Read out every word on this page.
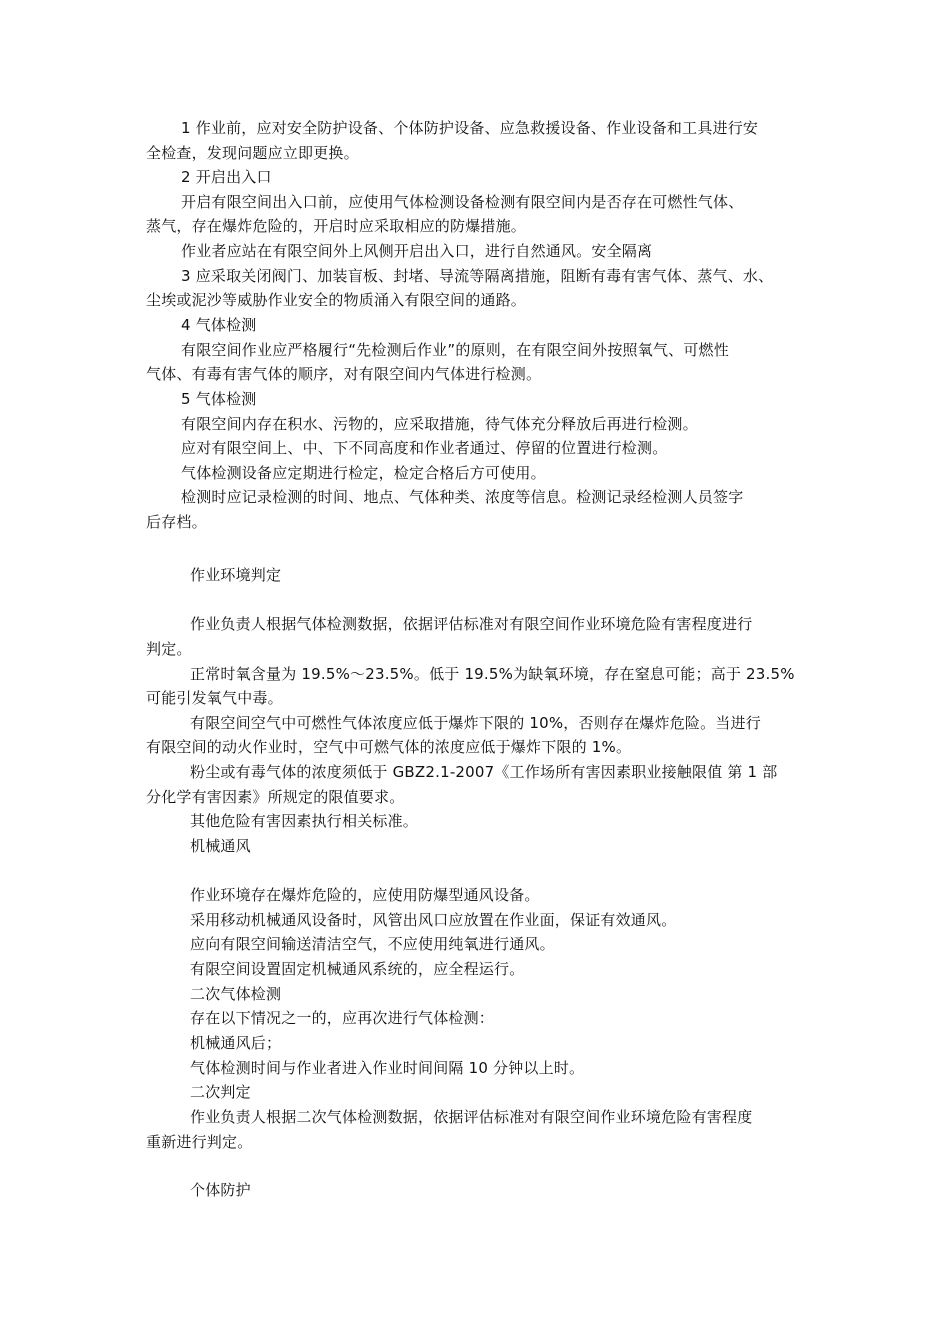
1 作业前，应对安全防护设备、个体防护设备、应急救援设备、作业设备和工具进行安
全检查，发现问题应立即更换。
2 开启出入口
开启有限空间出入口前，应使用气体检测设备检测有限空间内是否存在可燃性气体、
蒸气，存在爆炸危险的，开启时应采取相应的防爆措施。
作业者应站在有限空间外上风侧开启出入口，进行自然通风。安全隔离
3 应采取关闭阀门、加装盲板、封堵、导流等隔离措施，阻断有毒有害气体、蒸气、水、
尘埃或泥沙等威胁作业安全的物质涌入有限空间的通路。
4 气体检测
有限空间作业应严格履行“先检测后作业”的原则，在有限空间外按照氧气、可燃性
气体、有毒有害气体的顺序，对有限空间内气体进行检测。
5 气体检测
有限空间内存在积水、污物的，应采取措施，待气体充分释放后再进行检测。
应对有限空间上、中、下不同高度和作业者通过、停留的位置进行检测。
气体检测设备应定期进行检定，检定合格后方可使用。
检测时应记录检测的时间、地点、气体种类、浓度等信息。检测记录经检测人员签字
后存档。
作业环境判定
作业负责人根据气体检测数据，依据评估标准对有限空间作业环境危险有害程度进行
判定。
正常时氧含量为 19.5%～23.5%。低于 19.5%为缺氧环境，存在窒息可能；高于 23.5%
可能引发氧气中毒。
有限空间空气中可燃性气体浓度应低于爆炸下限的 10%，否则存在爆炸危险。当进行
有限空间的动火作业时，空气中可燃气体的浓度应低于爆炸下限的 1%。
粉尘或有毒气体的浓度须低于 GBZ2.1-2007《工作场所有害因素职业接触限值 第 1 部
分化学有害因素》所规定的限值要求。
其他危险有害因素执行相关标准。
机械通风
作业环境存在爆炸危险的，应使用防爆型通风设备。
采用移动机械通风设备时，风管出风口应放置在作业面，保证有效通风。
应向有限空间输送清洁空气，不应使用纯氧进行通风。
有限空间设置固定机械通风系统的，应全程运行。
二次气体检测
存在以下情况之一的，应再次进行气体检测：
机械通风后；
气体检测时间与作业者进入作业时间间隔 10 分钟以上时。
二次判定
作业负责人根据二次气体检测数据，依据评估标准对有限空间作业环境危险有害程度
重新进行判定。
个体防护
